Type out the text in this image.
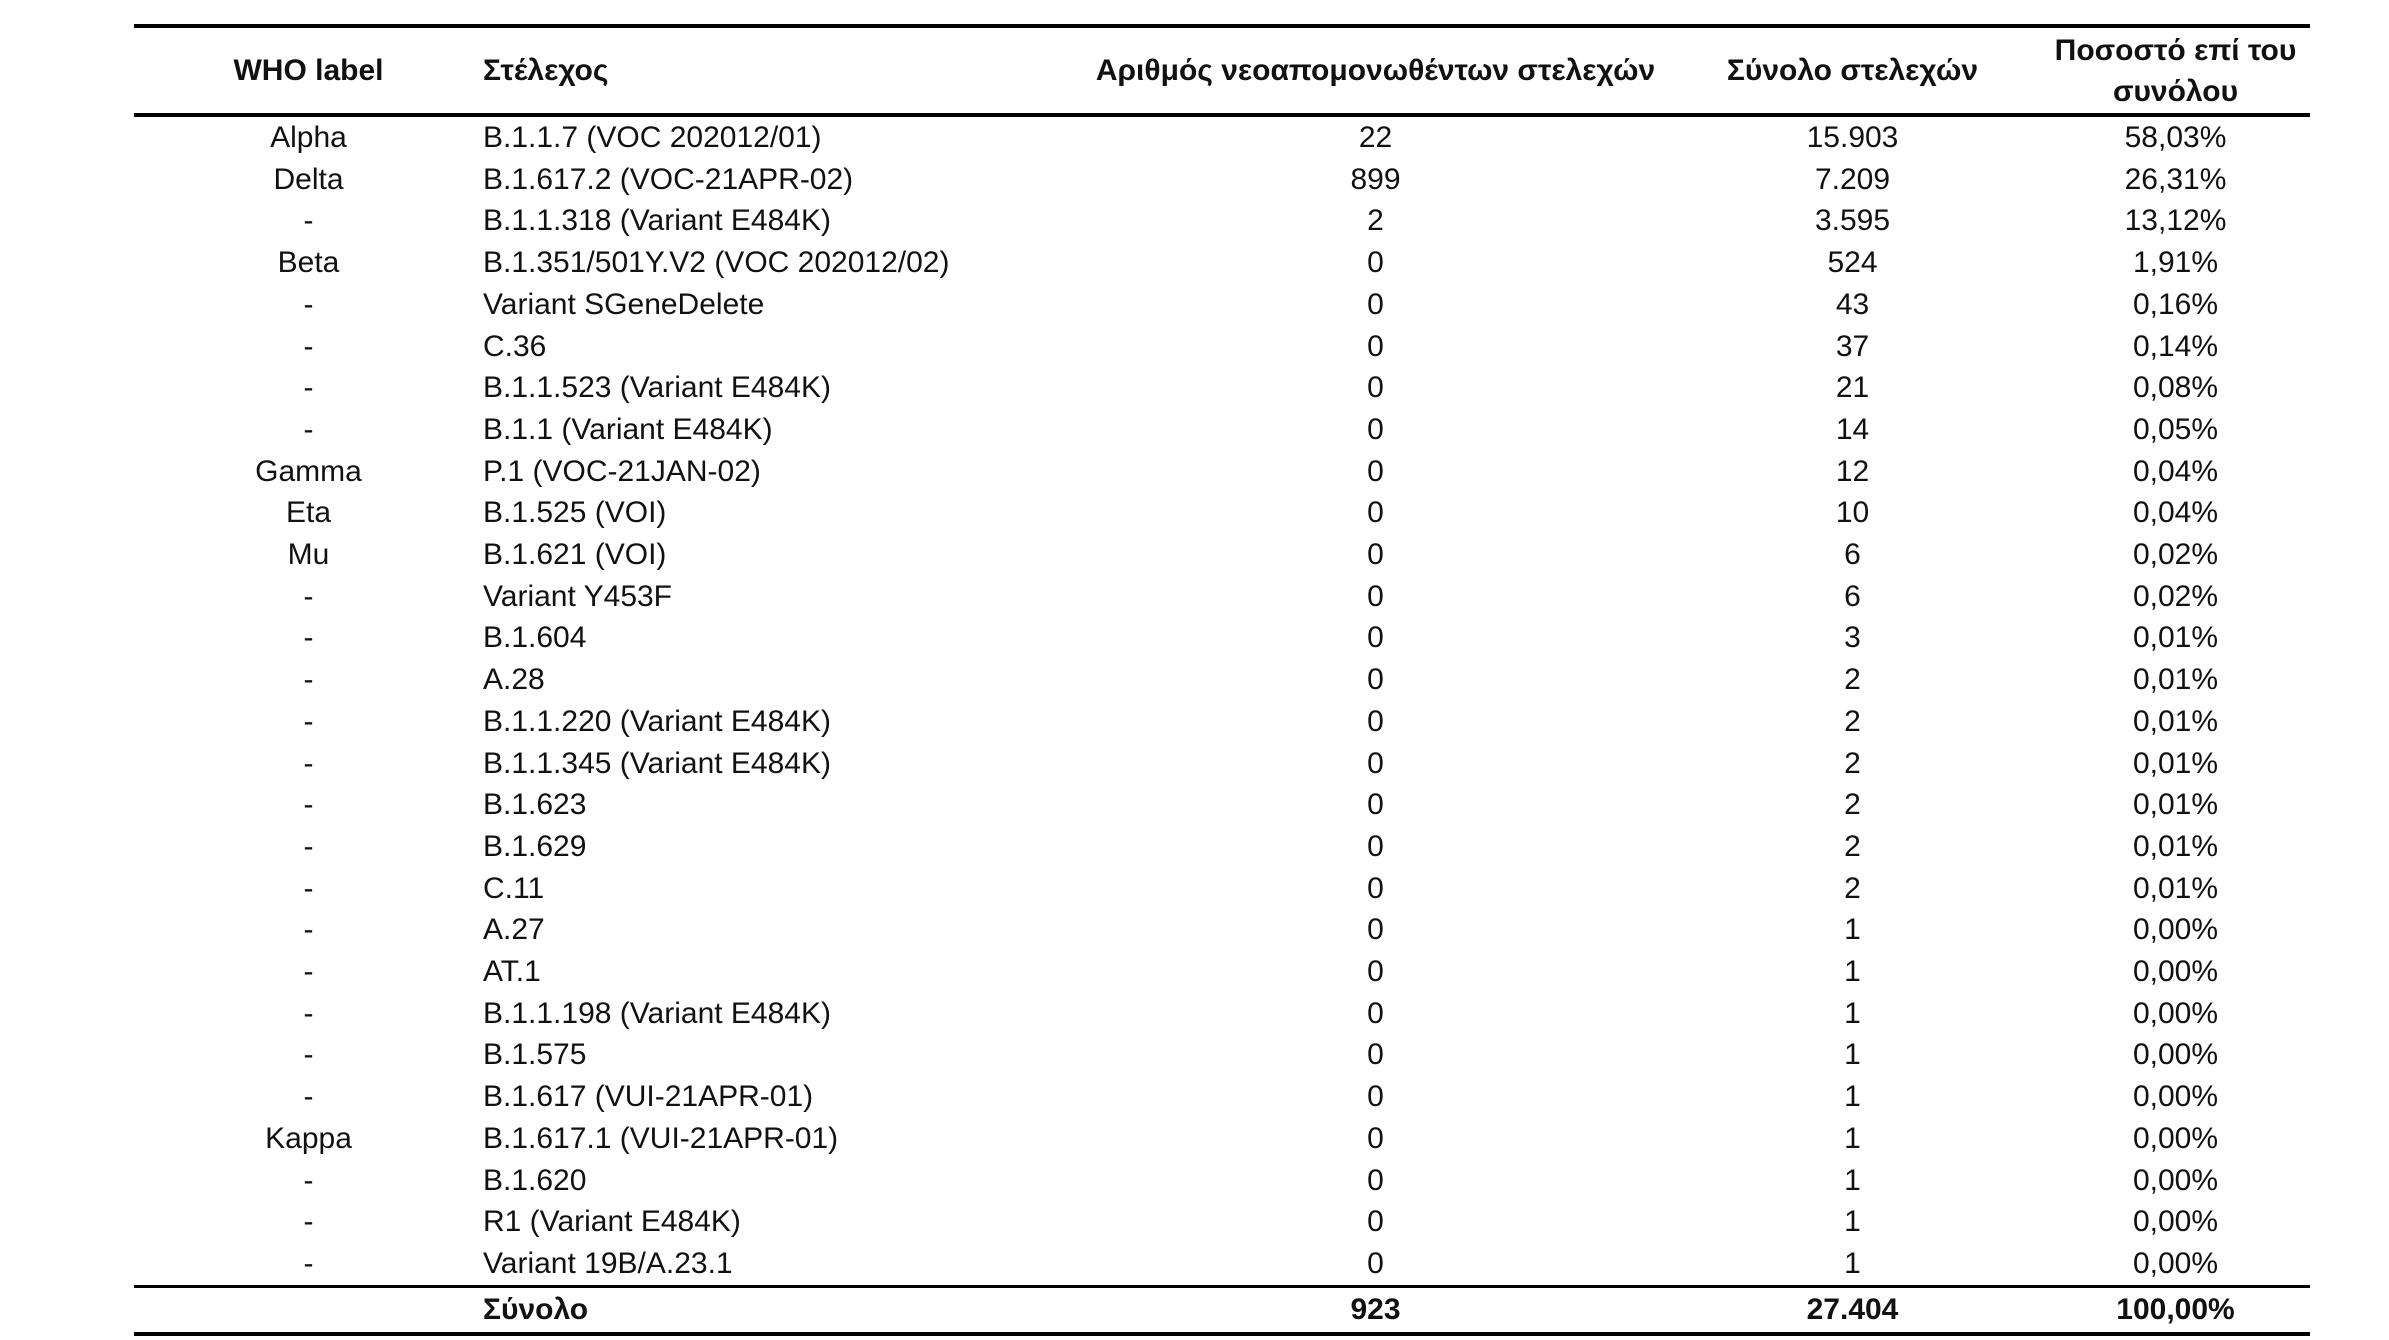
WHO label	Στέλεχος	Αριθμός νεοαπομονωθέντων στελεχών	Σύνολο στελεχών	Ποσοστό επί του συνόλου
Alpha	B.1.1.7 (VOC 202012/01)	22	15.903	58,03%
Delta	B.1.617.2 (VOC-21APR-02)	899	7.209	26,31%
-	B.1.1.318 (Variant E484K)	2	3.595	13,12%
Beta	B.1.351/501Y.V2 (VOC 202012/02)	0	524	1,91%
-	Variant SGeneDelete	0	43	0,16%
-	C.36	0	37	0,14%
-	B.1.1.523 (Variant E484K)	0	21	0,08%
-	B.1.1 (Variant E484K)	0	14	0,05%
Gamma	P.1 (VOC-21JAN-02)	0	12	0,04%
Eta	B.1.525 (VOI)	0	10	0,04%
Mu	B.1.621 (VOI)	0	6	0,02%
-	Variant Y453F	0	6	0,02%
-	B.1.604	0	3	0,01%
-	A.28	0	2	0,01%
-	B.1.1.220 (Variant E484K)	0	2	0,01%
-	B.1.1.345 (Variant E484K)	0	2	0,01%
-	B.1.623	0	2	0,01%
-	B.1.629	0	2	0,01%
-	C.11	0	2	0,01%
-	A.27	0	1	0,00%
-	AT.1	0	1	0,00%
-	B.1.1.198 (Variant E484K)	0	1	0,00%
-	B.1.575	0	1	0,00%
-	B.1.617 (VUI-21APR-01)	0	1	0,00%
Kappa	B.1.617.1 (VUI-21APR-01)	0	1	0,00%
-	B.1.620	0	1	0,00%
-	R1 (Variant E484K)	0	1	0,00%
-	Variant 19B/A.23.1	0	1	0,00%
	Σύνολο	923	27.404	100,00%
